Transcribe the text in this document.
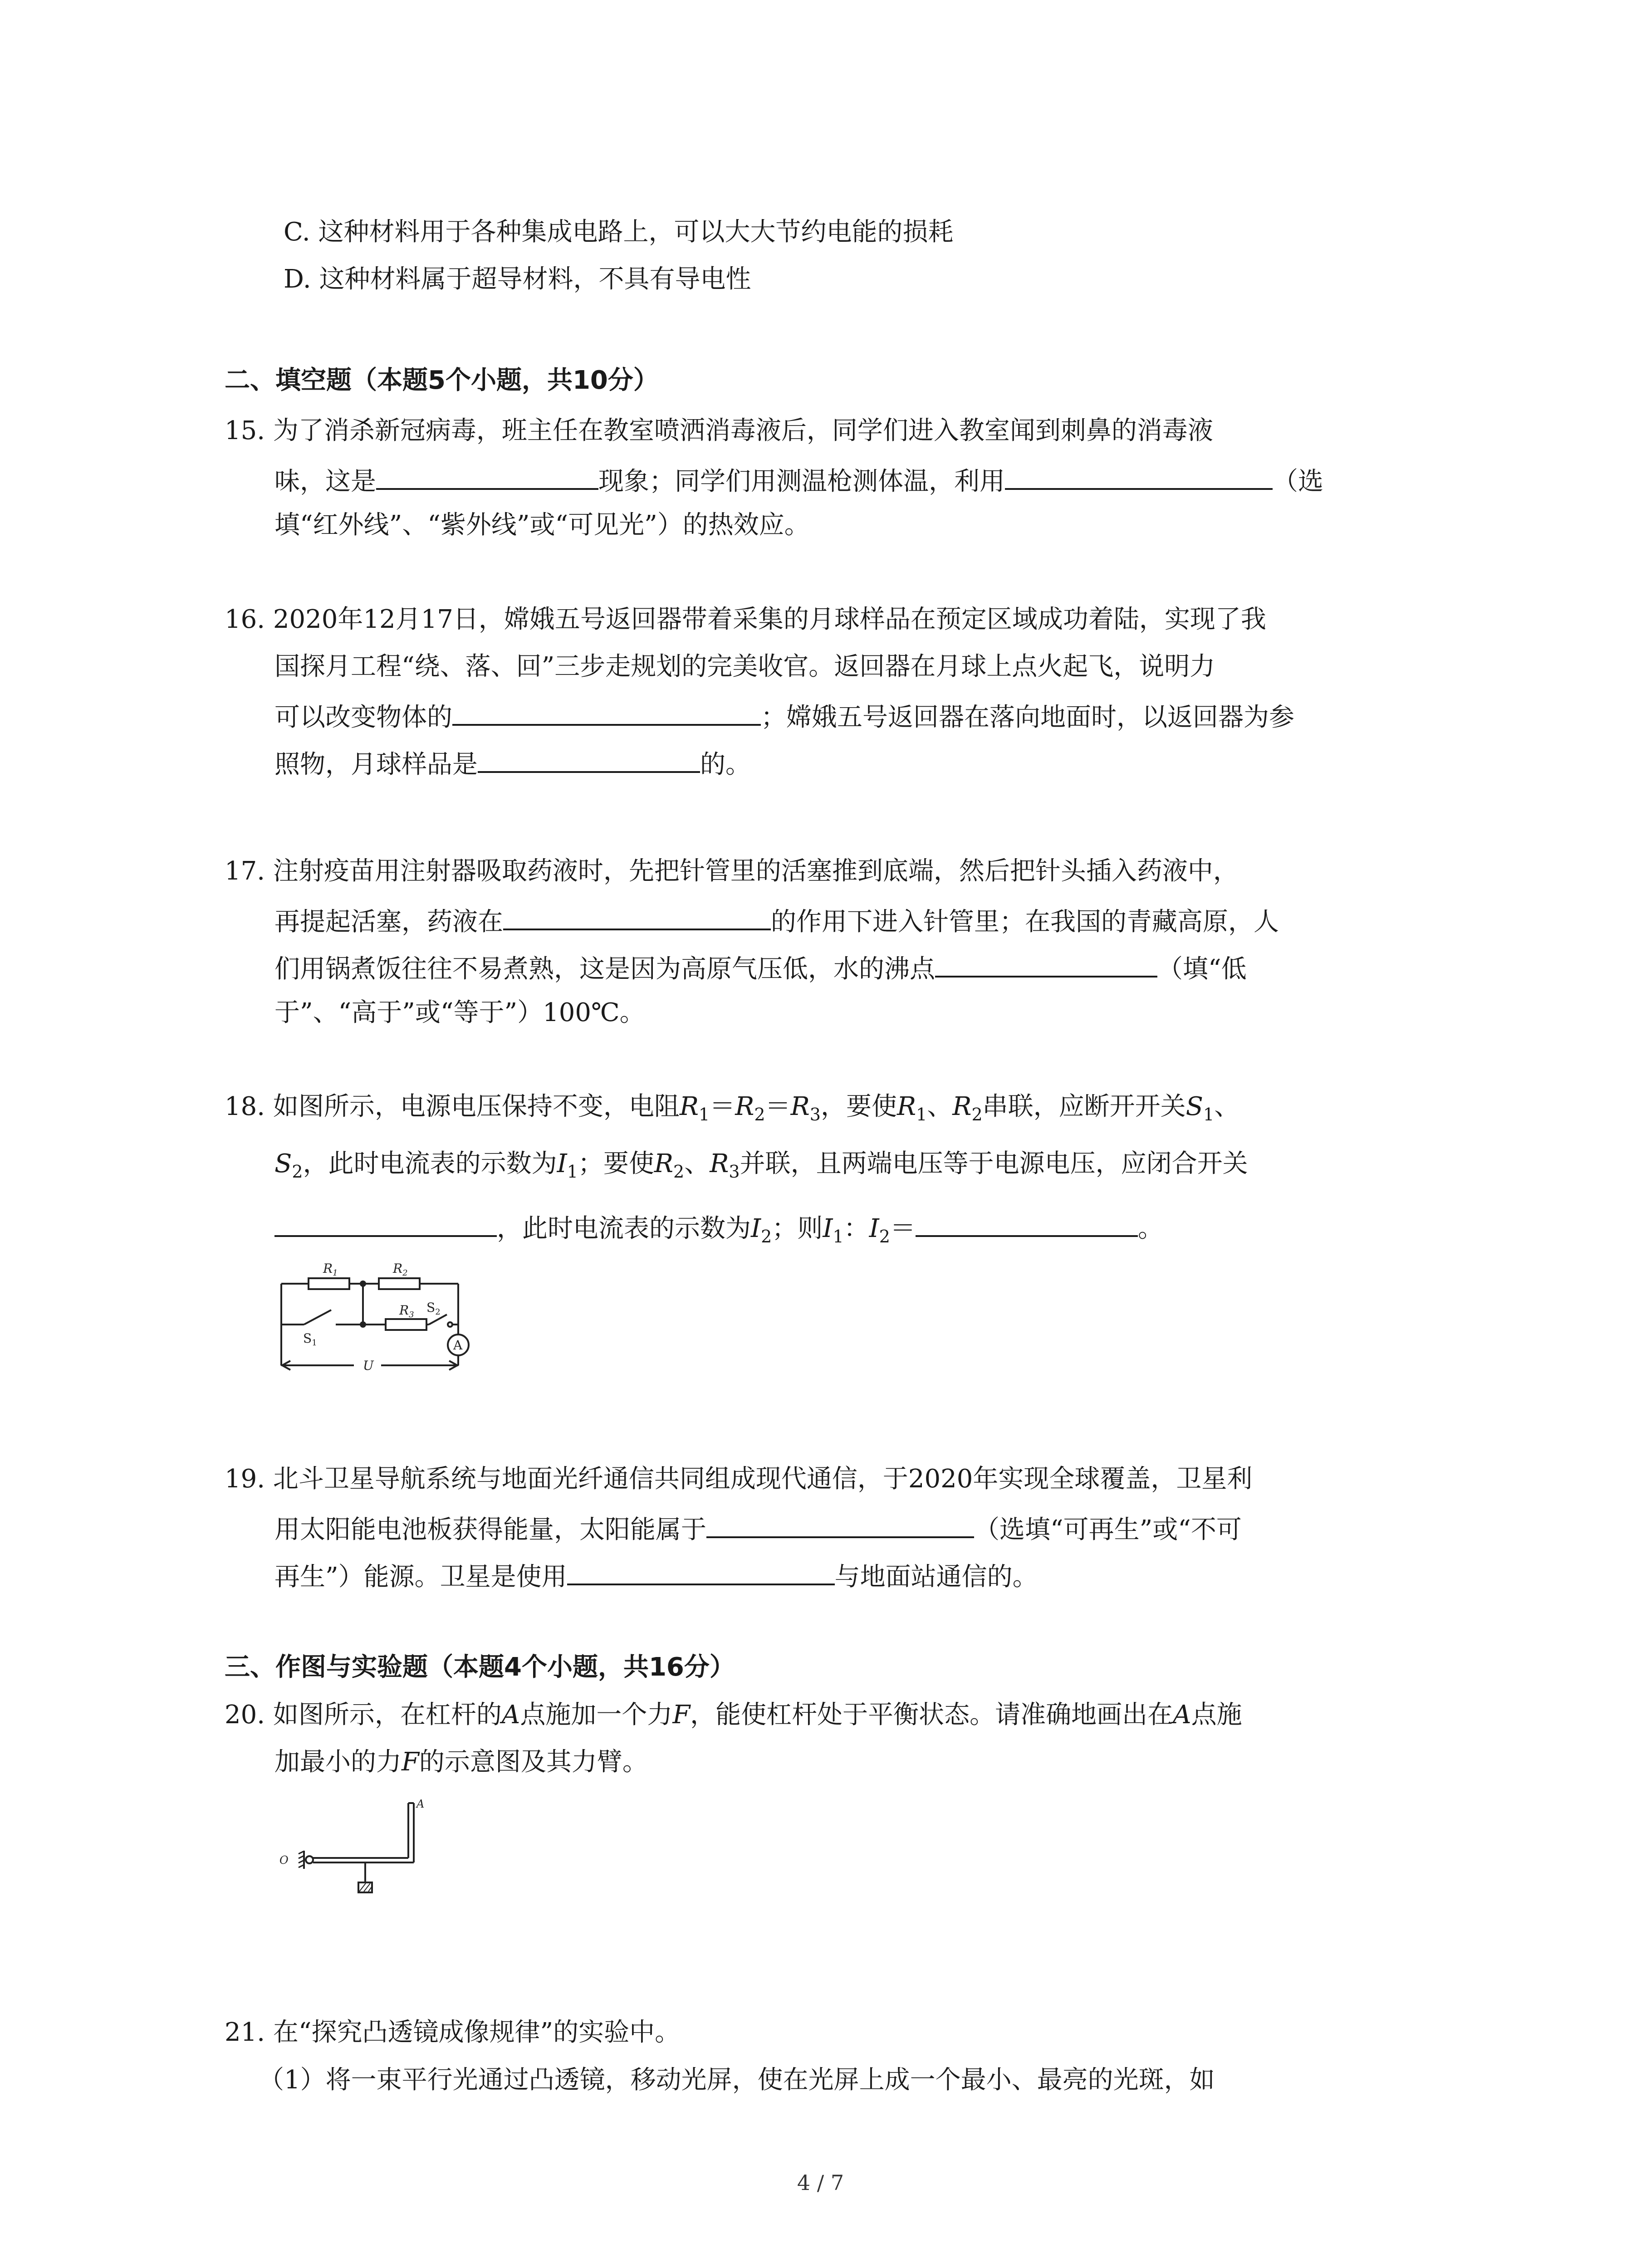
C. 这种材料用于各种集成电路上，可以大大节约电能的损耗
D. 这种材料属于超导材料，不具有导电性
二、填空题（本题5个小题，共10分）
15. 为了消杀新冠病毒，班主任在教室喷洒消毒液后，同学们进入教室闻到刺鼻的消毒液
味，这是	现象；同学们用测温枪测体温，利用	（选
填“红外线”、“紫外线”或“可见光”）的热效应。
16. 2020年12月17日，嫦娥五号返回器带着采集的月球样品在预定区域成功着陆，实现了我
国探月工程“绕、落、回”三步走规划的完美收官。返回器在月球上点火起飞，说明力
可以改变物体的	；嫦娥五号返回器在落向地面时，以返回器为参
照物，月球样品是	的。
17. 注射疫苗用注射器吸取药液时，先把针管里的活塞推到底端，然后把针头插入药液中，
再提起活塞，药液在	的作用下进入针管里；在我国的青藏高原，人
们用锅煮饭往往不易煮熟，这是因为高原气压低，水的沸点	（填“低
于”、“高于”或“等于”）100℃。
18. 如图所示，电源电压保持不变，电阻$R_1=R_2=R_3$，要使$R_1$、$R_2$串联，应断开开关$S_1$、
$S_2$，此时电流表的示数为$I_1$；要使$R_2$、$R_3$并联，且两端电压等于电源电压，应闭合开关
，此时电流表的示数为$I_2$；则$I_1$：$I_2=$	。
$R_1$	$R_2$
$R_3$ $S_2$
$S_1$	A
U
19. 北斗卫星导航系统与地面光纤通信共同组成现代通信，于2020年实现全球覆盖，卫星利
用太阳能电池板获得能量，太阳能属于	（选填“可再生”或“不可
再生”）能源。卫星是使用	与地面站通信的。
三、作图与实验题（本题4个小题，共16分）
20. 如图所示，在杠杆的A点施加一个力F，能使杠杆处于平衡状态。请准确地画出在A点施
加最小的力F的示意图及其力臂。
O
A
21. 在“探究凸透镜成像规律”的实验中。
（1）将一束平行光通过凸透镜，移动光屏，使在光屏上成一个最小、最亮的光斑，如
4 / 7
